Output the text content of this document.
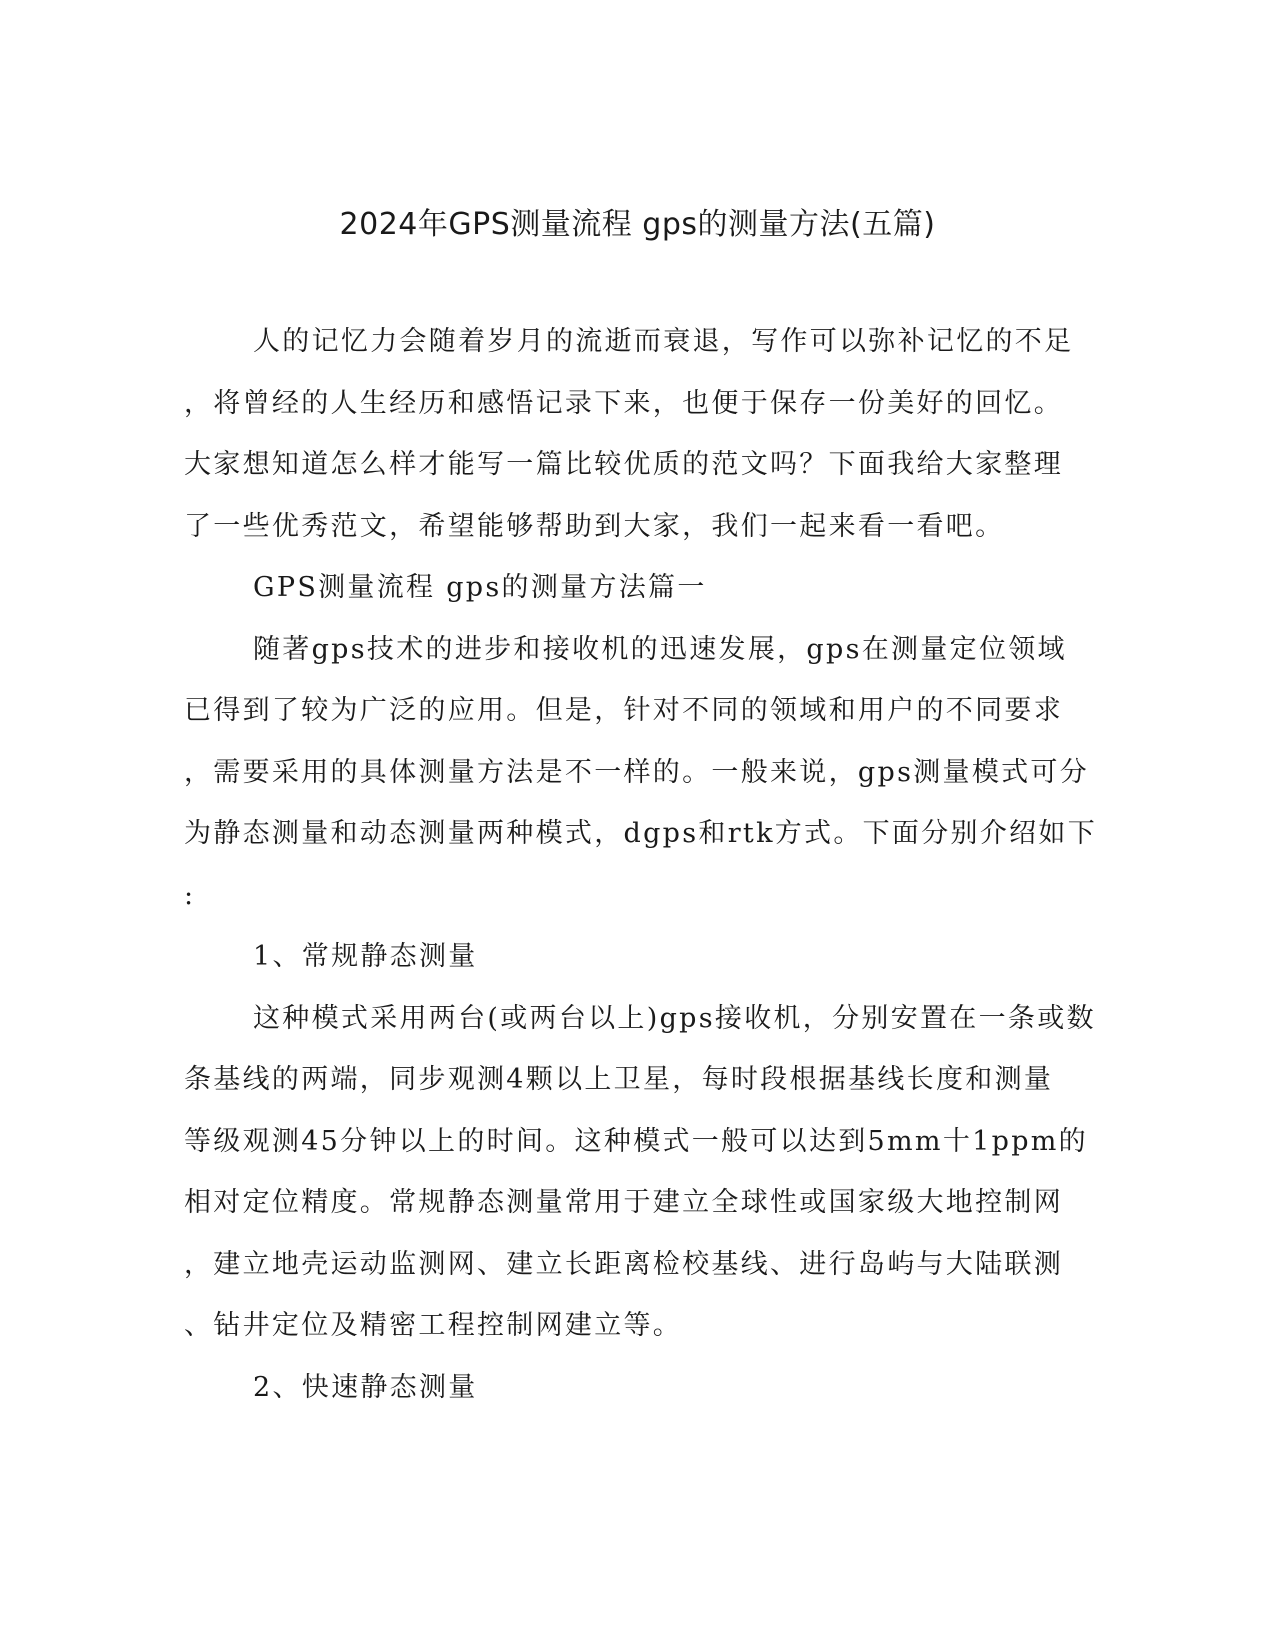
2024年GPS测量流程 gps的测量方法(五篇)
人的记忆力会随着岁月的流逝而衰退，写作可以弥补记忆的不足
，将曾经的人生经历和感悟记录下来，也便于保存一份美好的回忆。
大家想知道怎么样才能写一篇比较优质的范文吗？下面我给大家整理
了一些优秀范文，希望能够帮助到大家，我们一起来看一看吧。
GPS测量流程 gps的测量方法篇一
随著gps技术的进步和接收机的迅速发展，gps在测量定位领域
已得到了较为广泛的应用。但是，针对不同的领域和用户的不同要求
，需要采用的具体测量方法是不一样的。一般来说，gps测量模式可分
为静态测量和动态测量两种模式，dgps和rtk方式。下面分别介绍如下
:
1、常规静态测量
这种模式采用两台(或两台以上)gps接收机，分别安置在一条或数
条基线的两端，同步观测4颗以上卫星，每时段根据基线长度和测量
等级观测45分钟以上的时间。这种模式一般可以达到5mm十1ppm的
相对定位精度。常规静态测量常用于建立全球性或国家级大地控制网
，建立地壳运动监测网、建立长距离检校基线、进行岛屿与大陆联测
、钻井定位及精密工程控制网建立等。
2、快速静态测量
